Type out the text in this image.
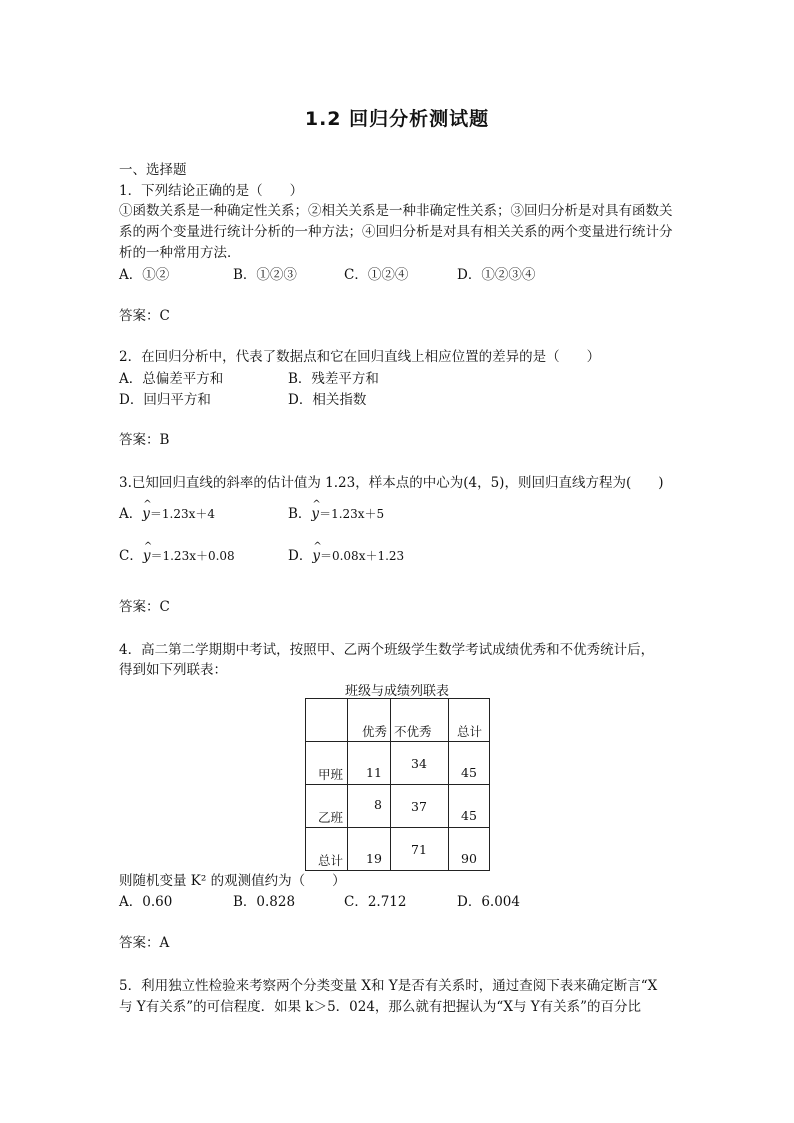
1.2 回归分析测试题
一、选择题
1．下列结论正确的是（　　）
①函数关系是一种确定性关系；②相关关系是一种非确定性关系；③回归分析是对具有函数关系的两个变量进行统计分析的一种方法；④回归分析是对具有相关关系的两个变量进行统计分析的一种常用方法．
A．①②	B．①②③	C．①②④	D．①②③④
答案：C
2．在回归分析中，代表了数据点和它在回归直线上相应位置的差异的是（　　）
A．总偏差平方和	B．残差平方和
D．回归平方和	D．相关指数
答案：B
3.已知回归直线的斜率的估计值为 1.23，样本点的中心为(4，5)，则回归直线方程为(　　)
A．y ^＝1.23x＋4	B．y ^＝1.23x＋5
C．y ^＝1.23x＋0.08	D．y ^＝0.08x＋1.23
答案：C
4．高二第二学期期中考试，按照甲、乙两个班级学生数学考试成绩优秀和不优秀统计后，
得到如下列联表：
班级与成绩列联表

	优秀	不优秀	总计

甲班	11	34	45

乙班	8	37	45

总计	19	71	90
则随机变量 K² 的观测值约为（　　）
A．0.60	B．0.828	C．2.712	D．6.004
答案：A
5．利用独立性检验来考察两个分类变量 X和 Y是否有关系时，通过查阅下表来确定断言“X
与 Y有关系”的可信程度．如果 k＞5．024，那么就有把握认为“X与 Y有关系”的百分比
